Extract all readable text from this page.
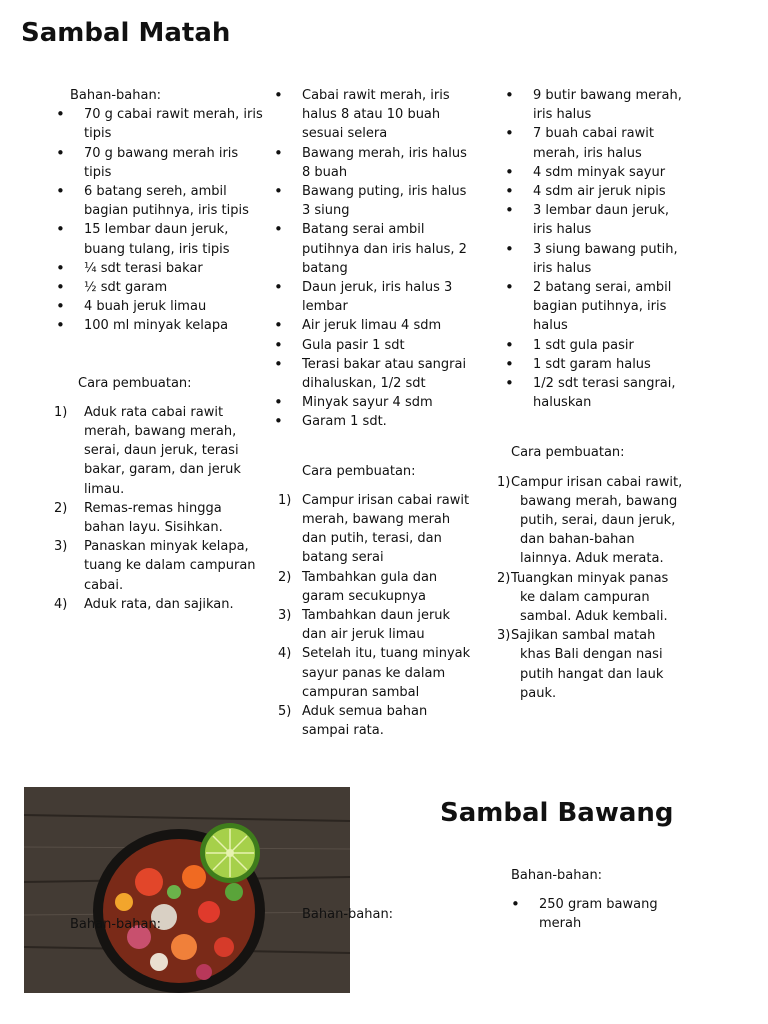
Sambal Matah
Bahan-bahan:
• 70 g cabai rawit merah, iris
tipis
• 70 g bawang merah iris
tipis
• 6 batang sereh, ambil
bagian putihnya, iris tipis
• 15 lembar daun jeruk,
buang tulang, iris tipis
• ¼ sdt terasi bakar
• ½ sdt garam
• 4 buah jeruk limau
• 100 ml minyak kelapa
Cara pembuatan:
1) Aduk rata cabai rawit
merah, bawang merah,
serai, daun jeruk, terasi
bakar, garam, dan jeruk
limau.
2) Remas-remas hingga
bahan layu. Sisihkan.
3) Panaskan minyak kelapa,
tuang ke dalam campuran
cabai.
4) Aduk rata, dan sajikan.
• Cabai rawit merah, iris
halus 8 atau 10 buah
sesuai selera
• Bawang merah, iris halus
8 buah
• Bawang puting, iris halus
3 siung
• Batang serai ambil
putihnya dan iris halus, 2
batang
• Daun jeruk, iris halus 3
lembar
• Air jeruk limau 4 sdm
• Gula pasir 1 sdt
• Terasi bakar atau sangrai
dihaluskan, 1/2 sdt
• Minyak sayur 4 sdm
• Garam 1 sdt.
Cara pembuatan:
1) Campur irisan cabai rawit
merah, bawang merah
dan putih, terasi, dan
batang serai
2) Tambahkan gula dan
garam secukupnya
3) Tambahkan daun jeruk
dan air jeruk limau
4) Setelah itu, tuang minyak
sayur panas ke dalam
campuran sambal
5) Aduk semua bahan
sampai rata.
• 9 butir bawang merah,
iris halus
• 7 buah cabai rawit
merah, iris halus
• 4 sdm minyak sayur
• 4 sdm air jeruk nipis
• 3 lembar daun jeruk,
iris halus
• 3 siung bawang putih,
iris halus
• 2 batang serai, ambil
bagian putihnya, iris
halus
• 1 sdt gula pasir
• 1 sdt garam halus
• 1/2 sdt terasi sangrai,
haluskan
Cara pembuatan:
1) Campur irisan cabai rawit,
bawang merah, bawang
putih, serai, daun jeruk,
dan bahan-bahan
lainnya. Aduk merata.
2) Tuangkan minyak panas
ke dalam campuran
sambal. Aduk kembali.
3) Sajikan sambal matah
khas Bali dengan nasi
putih hangat dan lauk
pauk.
Bahan-bahan:
Bahan-bahan:
Sambal Bawang
Bahan-bahan:
• 250 gram bawang
merah
